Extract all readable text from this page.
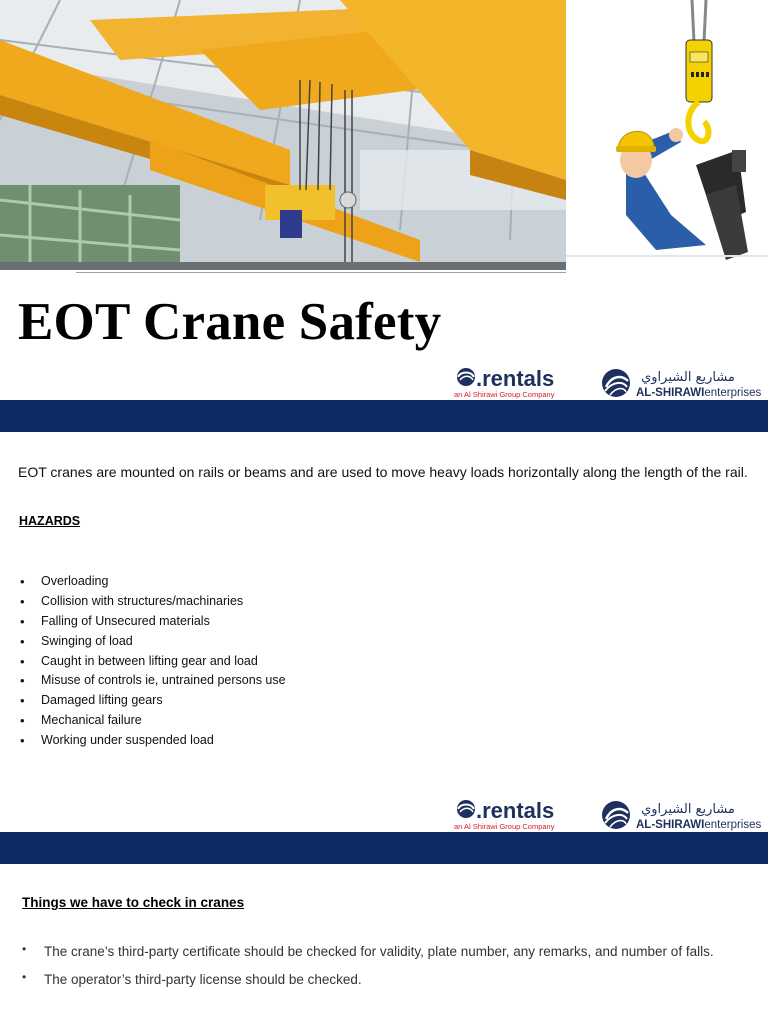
EOT Crane Safety
.rentals
an Al Shirawi Group Company
مشاريع الشيراوي
AL-SHIRAWIenterprises

EOT cranes are mounted on rails or beams and are used to move heavy loads horizontally along the length of the rail.

HAZARDS
• Overloading
• Collision with structures/machinaries
• Falling of Unsecured materials
• Swinging of load
• Caught in between lifting gear and load
• Misuse of controls ie, untrained persons use
• Damaged lifting gears
• Mechanical failure
• Working under suspended load
.rentals
an Al Shirawi Group Company
مشاريع الشيراوي
AL-SHIRAWIenterprises
Things we have to check in cranes
• The crane’s third-party certificate should be checked for validity, plate number, any remarks, and number of falls.
• The operator’s third-party license should be checked.
